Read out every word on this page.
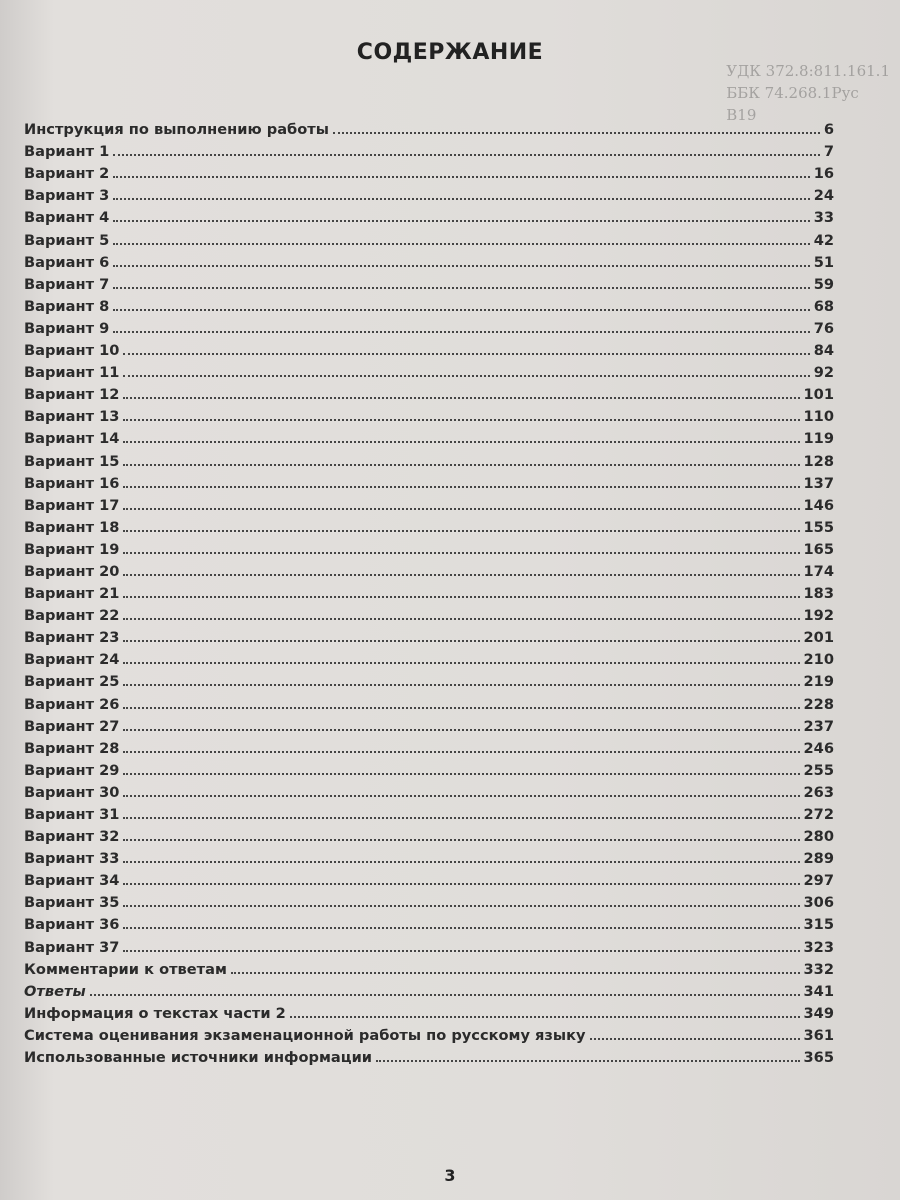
УДК 372.8:811.161.1
ББК 74.268.1Рус
В19
СОДЕРЖАНИЕ
Инструкция по выполнению работы	6
Вариант 1	7
Вариант 2	16
Вариант 3	24
Вариант 4	33
Вариант 5	42
Вариант 6	51
Вариант 7	59
Вариант 8	68
Вариант 9	76
Вариант 10	84
Вариант 11	92
Вариант 12	101
Вариант 13	110
Вариант 14	119
Вариант 15	128
Вариант 16	137
Вариант 17	146
Вариант 18	155
Вариант 19	165
Вариант 20	174
Вариант 21	183
Вариант 22	192
Вариант 23	201
Вариант 24	210
Вариант 25	219
Вариант 26	228
Вариант 27	237
Вариант 28	246
Вариант 29	255
Вариант 30	263
Вариант 31	272
Вариант 32	280
Вариант 33	289
Вариант 34	297
Вариант 35	306
Вариант 36	315
Вариант 37	323
Комментарии к ответам	332
Ответы	341
Информация о текстах части 2	349
Система оценивания экзаменационной работы по русскому языку	361
Использованные источники информации	365
3
